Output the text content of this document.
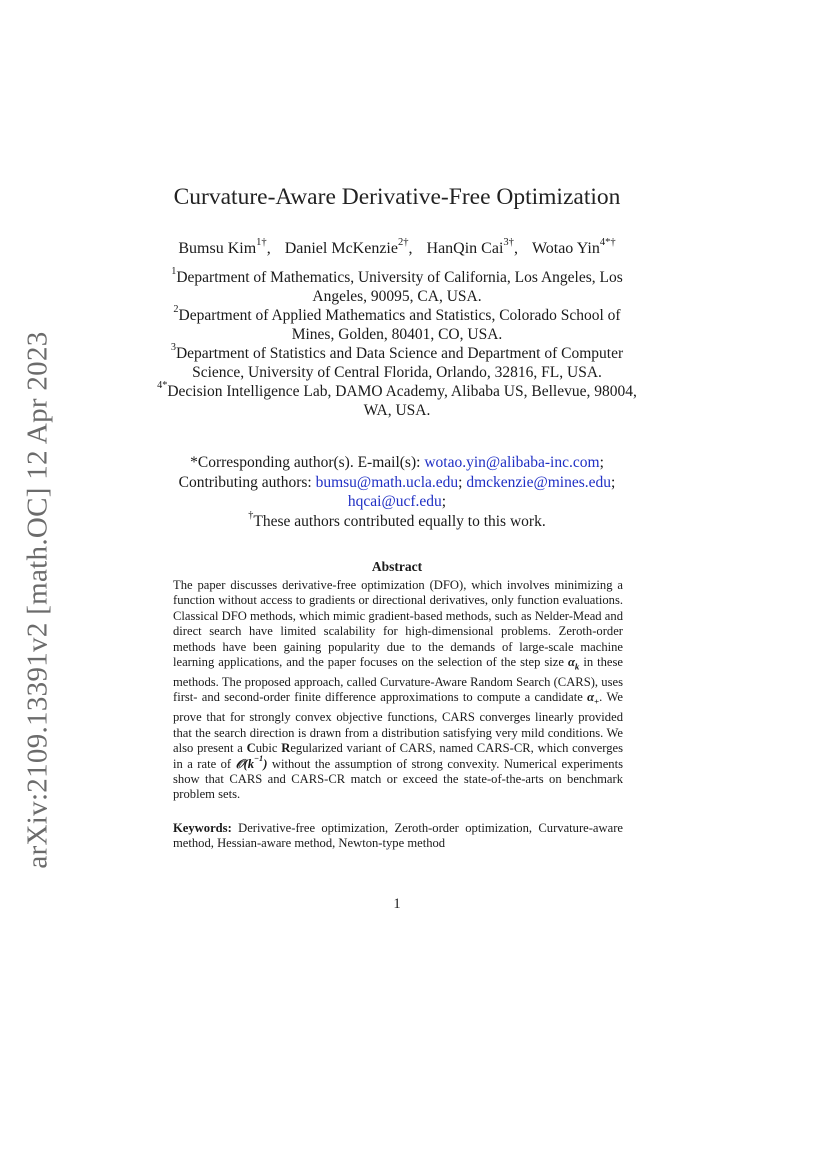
arXiv:2109.13391v2 [math.OC] 12 Apr 2023
Curvature-Aware Derivative-Free Optimization
Bumsu Kim$^{1\dagger}$, Daniel McKenzie$^{2\dagger}$, HanQin Cai$^{3\dagger}$, Wotao Yin$^{4*\dagger}$
$^1$Department of Mathematics, University of California, Los Angeles, Los Angeles, 90095, CA, USA.
$^2$Department of Applied Mathematics and Statistics, Colorado School of Mines, Golden, 80401, CO, USA.
$^3$Department of Statistics and Data Science and Department of Computer Science, University of Central Florida, Orlando, 32816, FL, USA.
$^{4*}$Decision Intelligence Lab, DAMO Academy, Alibaba US, Bellevue, 98004, WA, USA.
*Corresponding author(s). E-mail(s): wotao.yin@alibaba-inc.com;
Contributing authors: bumsu@math.ucla.edu; dmckenzie@mines.edu; hqcai@ucf.edu;
†These authors contributed equally to this work.
Abstract
The paper discusses derivative-free optimization (DFO), which involves minimizing a function without access to gradients or directional derivatives, only function evaluations. Classical DFO methods, which mimic gradient-based methods, such as Nelder-Mead and direct search have limited scalability for high-dimensional problems. Zeroth-order methods have been gaining popularity due to the demands of large-scale machine learning applications, and the paper focuses on the selection of the step size $\alpha_k$ in these methods. The proposed approach, called Curvature-Aware Random Search (CARS), uses first- and second-order finite difference approximations to compute a candidate $\alpha_+$. We prove that for strongly convex objective functions, CARS converges linearly provided that the search direction is drawn from a distribution satisfying very mild conditions. We also present a Cubic Regularized variant of CARS, named CARS-CR, which converges in a rate of $𝒪(k^{-1})$ without the assumption of strong convexity. Numerical experiments show that CARS and CARS-CR match or exceed the state-of-the-arts on benchmark problem sets.
Keywords: Derivative-free optimization, Zeroth-order optimization, Curvature-aware method, Hessian-aware method, Newton-type method
1
